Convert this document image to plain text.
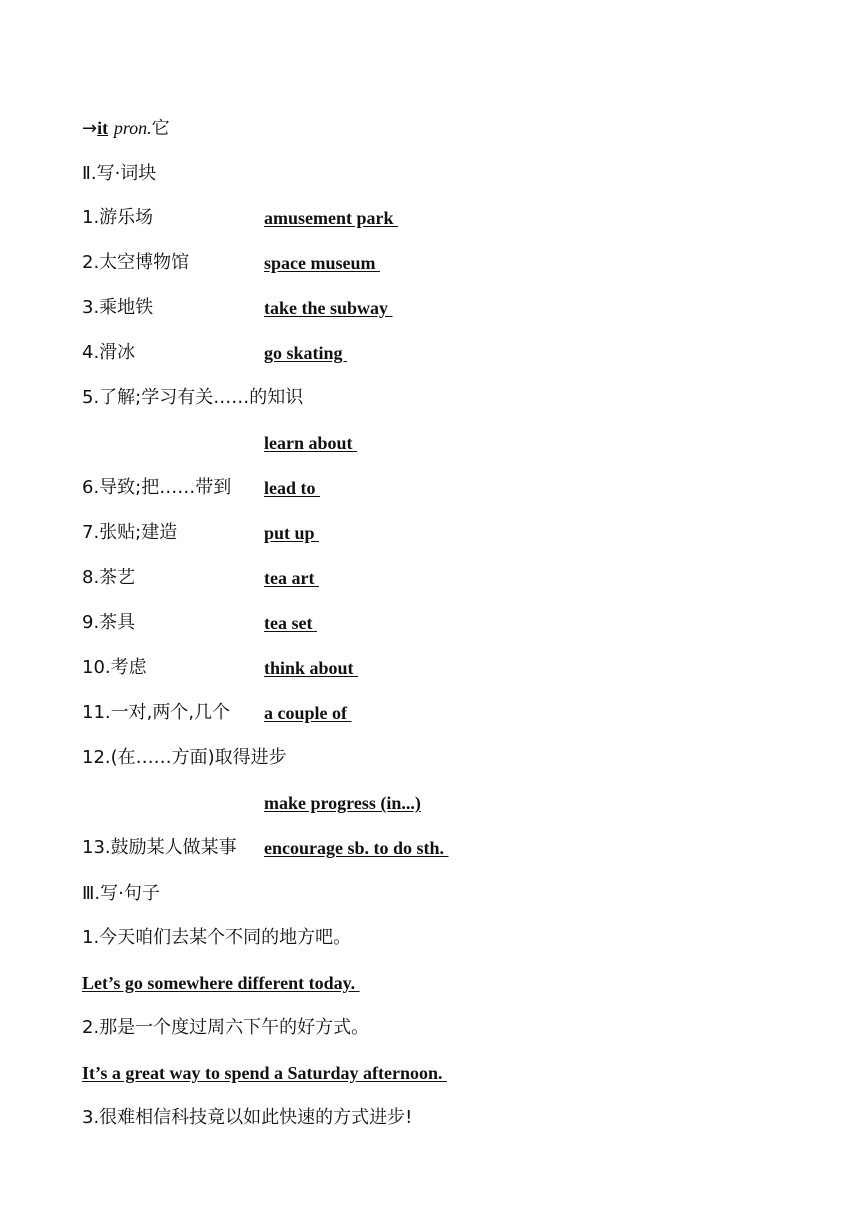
→it pron.它
Ⅱ.写·词块
1.游乐场	amusement park
2.太空博物馆	space museum
3.乘地铁	take the subway
4.滑冰	go skating
5.了解;学习有关……的知识
learn about
6.导致;把……带到 lead to
7.张贴;建造	put up
8.茶艺	tea art
9.茶具	tea set
10.考虑	think about
11.一对,两个,几个 a couple of
12.(在……方面)取得进步
make progress (in...)
13.鼓励某人做某事 encourage sb. to do sth.
Ⅲ.写·句子
1.今天咱们去某个不同的地方吧。
Let’s go somewhere different today.
2.那是一个度过周六下午的好方式。
It’s a great way to spend a Saturday afternoon.
3.很难相信科技竟以如此快速的方式进步!
